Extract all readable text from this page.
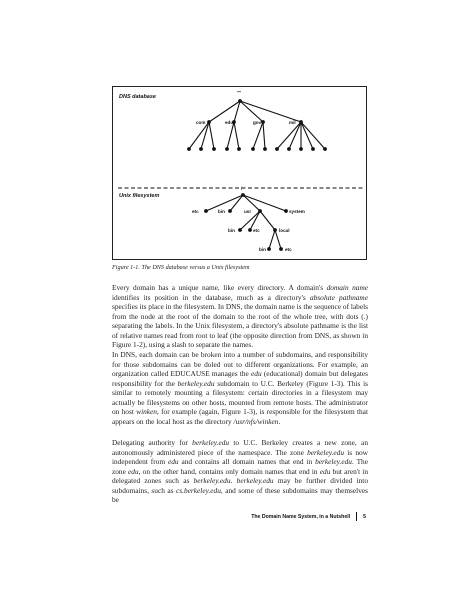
DNS database
Unix filesystem
""
com	edu	gov	mil
/
etc	bin	usr	system
bin	etc	local
bin	etc
Figure 1-1. The DNS database versus a Unix filesystem

Every domain has a unique name, like every directory. A domain's domain name identifies its position in the database, much as a directory's absolute pathname specifies its place in the filesystem. In DNS, the domain name is the sequence of labels from the node at the root of the domain to the root of the whole tree, with dots (.) separating the labels. In the Unix filesystem, a directory's absolute pathname is the list of relative names read from root to leaf (the opposite direction from DNS, as shown in Figure 1-2), using a slash to separate the names.

In DNS, each domain can be broken into a number of subdomains, and responsibility for those subdomains can be doled out to different organizations. For example, an organization called EDUCAUSE manages the edu (educational) domain but delegates responsibility for the berkeley.edu subdomain to U.C. Berkeley (Figure 1-3). This is similar to remotely mounting a filesystem: certain directories in a filesystem may actually be filesystems on other hosts, mounted from remote hosts. The administrator on host winken, for example (again, Figure 1-3), is responsible for the filesystem that appears on the local host as the directory /usr/nfs/winken.

Delegating authority for berkeley.edu to U.C. Berkeley creates a new zone, an autonomously administered piece of the namespace. The zone berkeley.edu is now independent from edu and contains all domain names that end in berkeley.edu. The zone edu, on the other hand, contains only domain names that end in edu but aren't in delegated zones such as berkeley.edu. berkeley.edu may be further divided into subdomains, such as cs.berkeley.edu, and some of these subdomains may themselves be

The Domain Name System, in a Nutshell	5
